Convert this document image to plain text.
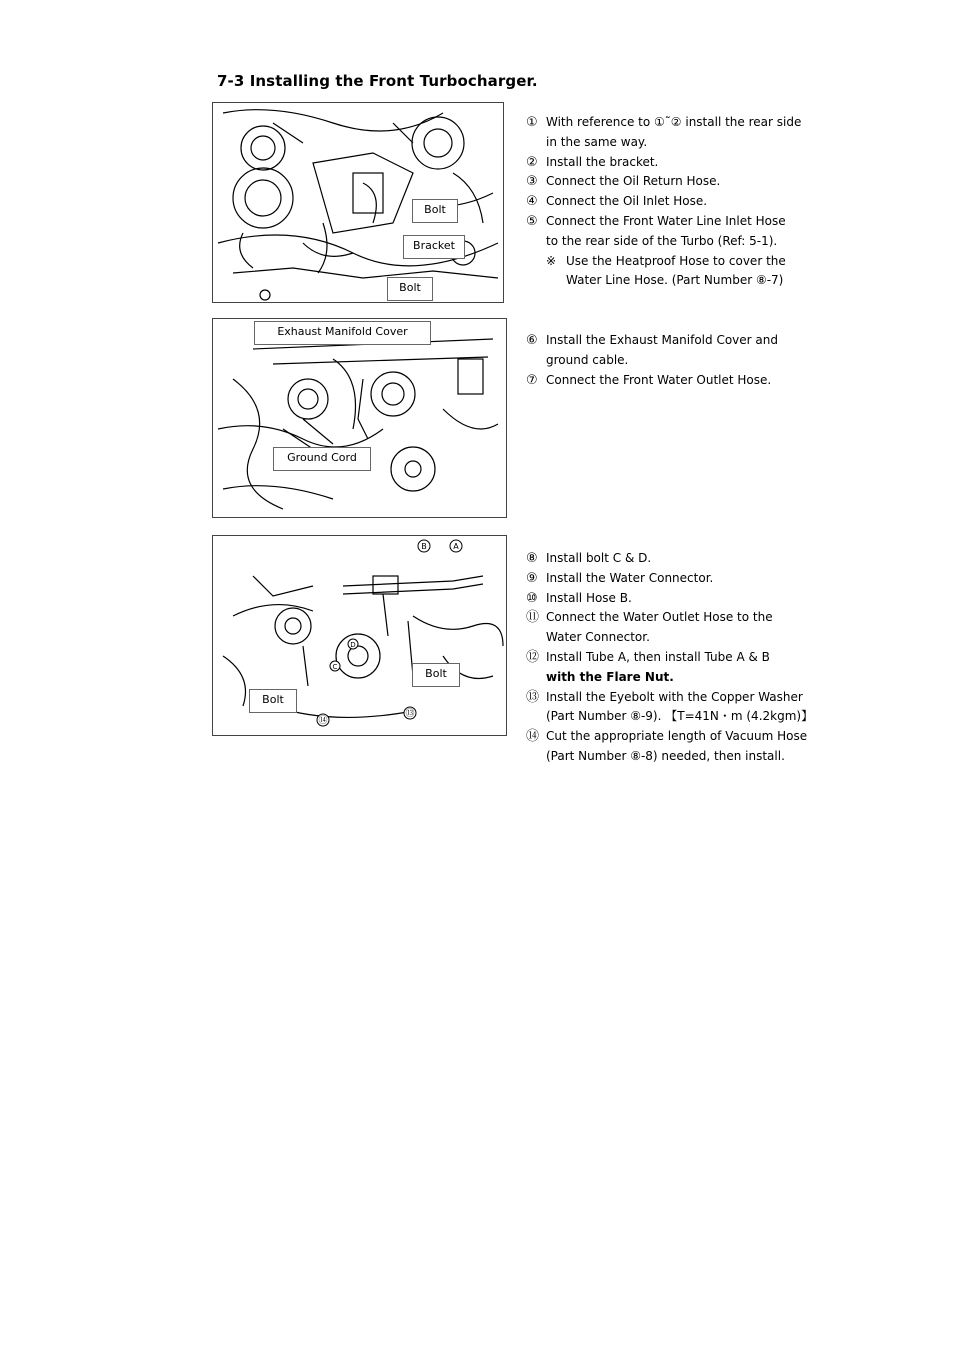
7-3 Installing the Front Turbocharger.
Bolt
Bracket
Bolt
Exhaust Manifold Cover
Ground Cord
B	A
⑬
⑭
C
D
Bolt
Bolt
① With reference to ①˜② install the rear side
in the same way.
② Install the bracket.
③ Connect the Oil Return Hose.
④ Connect the Oil Inlet Hose.
⑤ Connect the Front Water Line Inlet Hose
to the rear side of the Turbo (Ref: 5-1).
※ Use the Heatproof Hose to cover the
Water Line Hose. (Part Number ⑧-7)
⑥ Install the Exhaust Manifold Cover and
ground cable.
⑦ Connect the Front Water Outlet Hose.
⑧ Install bolt C & D.
⑨ Install the Water Connector.
⑩ Install Hose B.
⑪ Connect the Water Outlet Hose to the
Water Connector.
⑫ Install Tube A, then install Tube A & B
with the Flare Nut.
⑬ Install the Eyebolt with the Copper Washer
(Part Number ⑧-9). 【T=41N・m (4.2kgm)】
⑭ Cut the appropriate length of Vacuum Hose
(Part Number ⑧-8) needed, then install.
